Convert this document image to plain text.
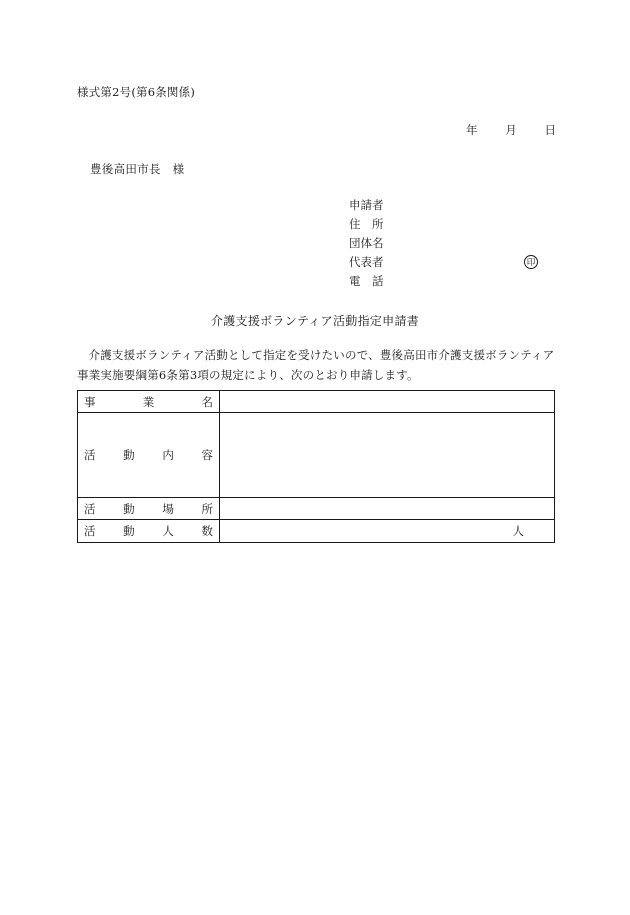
様式第2号(第6条関係)
年 月 日
豊後高田市長　様
申請者
住　所
団体名
代表者	印
電　話
介護支援ボランティア活動指定申請書
介護支援ボランティア活動として指定を受けたいので、豊後高田市介護支援ボランティア事業実施要綱第6条第3項の規定により、次のとおり申請します。
事 業 名	

活 動 内 容	

活 動 場 所	

活 動 人 数	人
